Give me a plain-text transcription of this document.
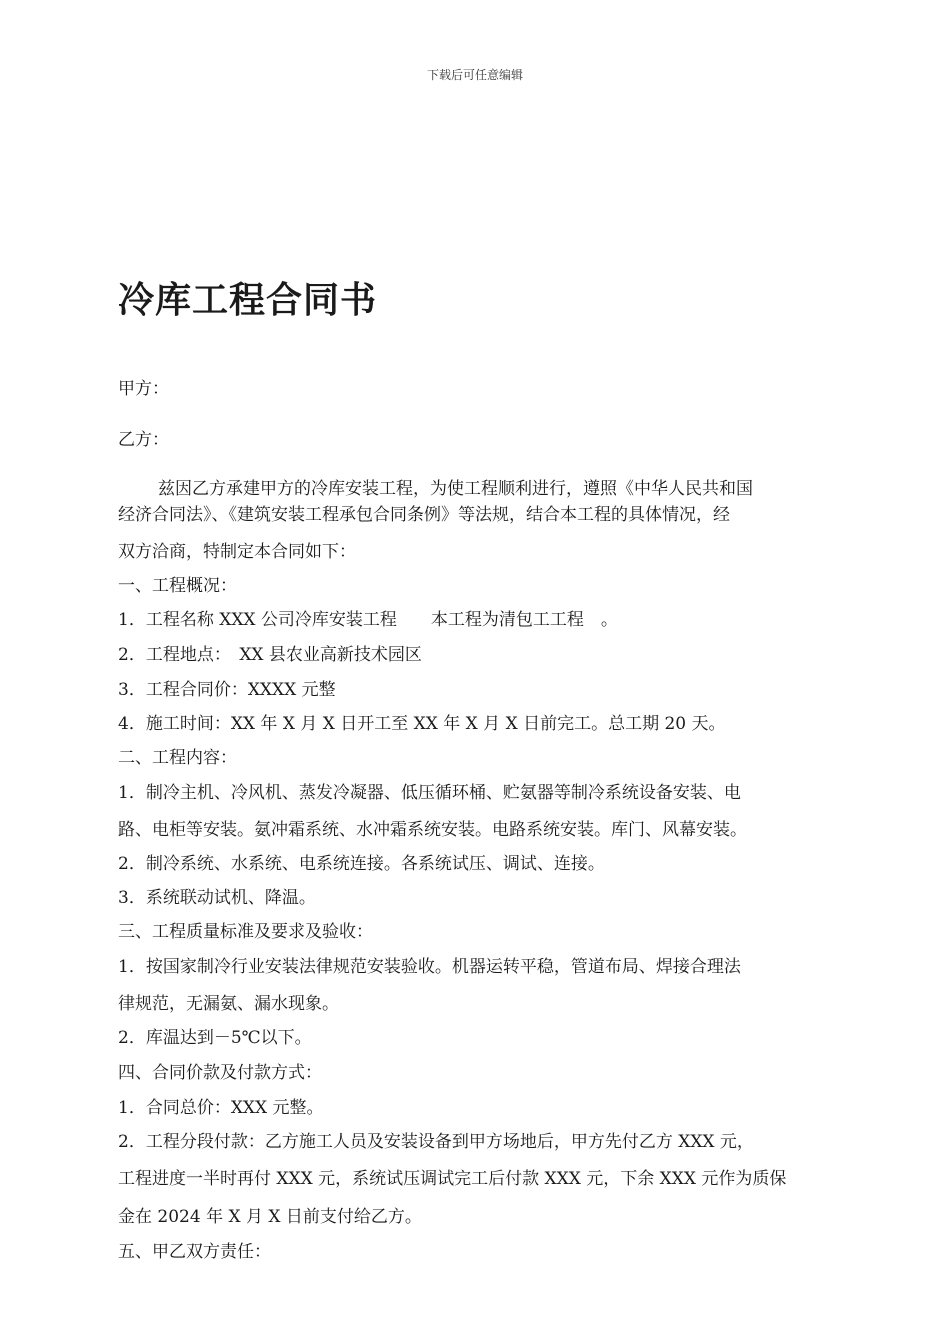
下载后可任意编辑
冷库工程合同书
甲方：
乙方：
兹因乙方承建甲方的冷库安装工程，为使工程顺利进行，遵照《中华人民共和国
经济合同法》、《建筑安装工程承包合同条例》等法规，结合本工程的具体情况，经
双方洽商，特制定本合同如下：
一、工程概况：
1．工程名称 XXX 公司冷库安装工程　　本工程为清包工工程　。
2．工程地点：　XX 县农业高新技术园区
3．工程合同价：XXXX 元整
4．施工时间：XX 年 X 月 X 日开工至 XX 年 X 月 X 日前完工。总工期 20 天。
二、工程内容：
1．制冷主机、冷风机、蒸发冷凝器、低压循环桶、贮氨器等制冷系统设备安装、电
路、电柜等安装。氨冲霜系统、水冲霜系统安装。电路系统安装。库门、风幕安装。
2．制冷系统、水系统、电系统连接。各系统试压、调试、连接。
3．系统联动试机、降温。
三、工程质量标准及要求及验收：
1．按国家制冷行业安装法律规范安装验收。机器运转平稳，管道布局、焊接合理法
律规范，无漏氨、漏水现象。
2．库温达到－5℃以下。
四、合同价款及付款方式：
1．合同总价：XXX 元整。
2．工程分段付款：乙方施工人员及安装设备到甲方场地后，甲方先付乙方 XXX 元，
工程进度一半时再付 XXX 元，系统试压调试完工后付款 XXX 元，下余 XXX 元作为质保
金在 2024 年 X 月 X 日前支付给乙方。
五、甲乙双方责任：
